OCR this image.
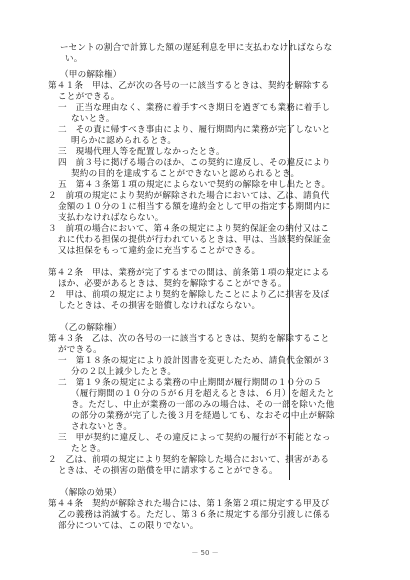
ーセントの割合で計算した額の遅延利息を甲に支払わなければならな
い。
（甲の解除権）
第４１条　甲は、乙が次の各号の一に該当するときは、契約を解除する
ことができる。
一　正当な理由なく、業務に着手すべき期日を過ぎても業務に着手し
ないとき。
二　その責に帰すべき事由により、履行期間内に業務が完了しないと
明らかに認められるとき。
三　現場代理人等を配置しなかったとき。
四　前３号に掲げる場合のほか、この契約に違反し、その違反により
契約の目的を達成することができないと認められるとき。
五　第４３条第１項の規定によらないで契約の解除を申し出たとき。
２　前項の規定により契約が解除された場合においては、乙は、請負代
金額の１０分の１に相当する額を違約金として甲の指定する期間内に
支払わなければならない。
３　前項の場合において、第４条の規定により契約保証金の納付又はこ
れに代わる担保の提供が行われているときは、甲は、当該契約保証金
又は担保をもって違約金に充当することができる。
第４２条　甲は、業務が完了するまでの間は、前条第１項の規定による
ほか、必要があるときは、契約を解除することができる。
２　甲は、前項の規定により契約を解除したことにより乙に損害を及ぼ
したときは、その損害を賠償しなければならない。
（乙の解除権）
第４３条　乙は、次の各号の一に該当するときは、契約を解除すること
ができる。
一　第１８条の規定により設計図書を変更したため、請負代金額が３
分の２以上減少したとき。
二　第１９条の規定による業務の中止期間が履行期間の１０分の５
（履行期間の１０分の５が６月を超えるときは、６月）を超えたと
き。ただし、中止が業務の一部のみの場合は、その一部を除いた他
の部分の業務が完了した後３月を経過しても、なおその中止が解除
されないとき。
三　甲が契約に違反し、その違反によって契約の履行が不可能となっ
たとき。
２　乙は、前項の規定により契約を解除した場合において、損害がある
ときは、その損害の賠償を甲に請求することができる。
（解除の効果）
第４４条　契約が解除された場合には、第１条第２項に規定する甲及び
乙の義務は消滅する。ただし、第３６条に規定する部分引渡しに係る
部分については、この限りでない。
－ 50 －
